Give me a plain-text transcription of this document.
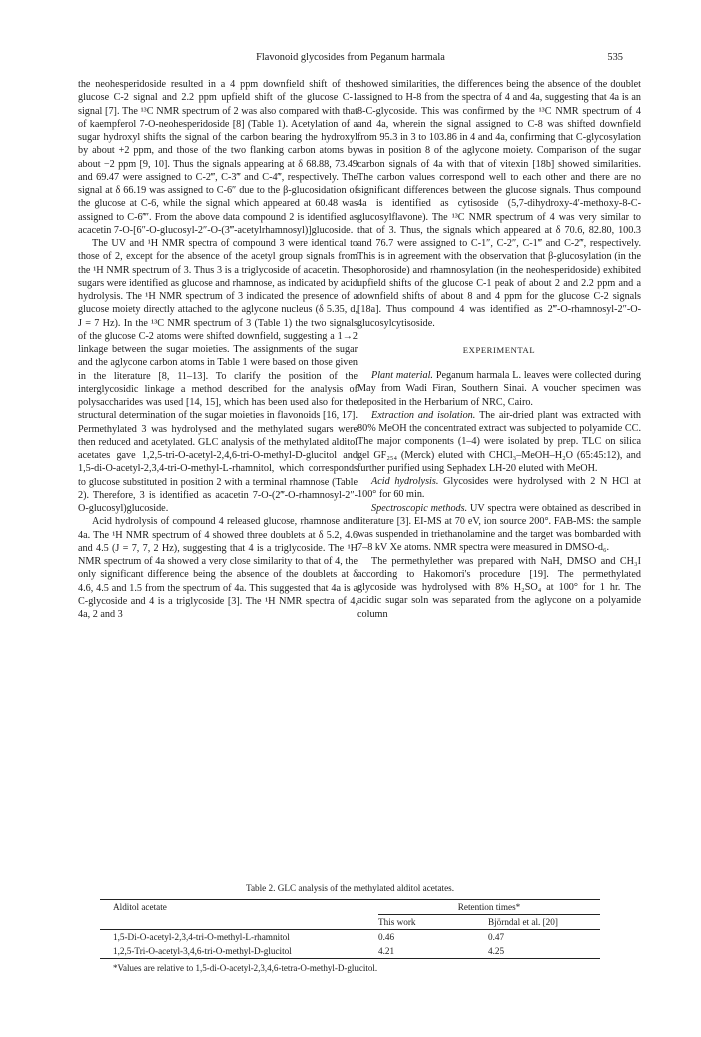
Flavonoid glycosides from Peganum harmala	535

the neohesperidoside resulted in a 4 ppm downfield shift of the glucose C-2 signal and 2.2 ppm upfield shift of the glucose C-1 signal [7]. The ¹³C NMR spectrum of 2 was also compared with that of kaempferol 7-O-neohesperidoside [8] (Table 1). Acetylation of a sugar hydroxyl shifts the signal of the carbon bearing the hydroxyl by about +2 ppm, and those of the two flanking carbon atoms by about −2 ppm [9, 10]. Thus the signals appearing at δ 68.88, 73.49 and 69.47 were assigned to C-2‴, C-3‴ and C-4‴, respectively. The signal at δ 66.19 was assigned to C-6″ due to the β-glucosidation of the glucose at C-6, while the signal which appeared at 60.48 was assigned to C-6‴′. From the above data compound 2 is identified as acacetin 7-O-[6″-O-glucosyl-2″-O-(3‴-acetylrhamnosyl)]glucoside.

The UV and ¹H NMR spectra of compound 3 were identical to those of 2, except for the absence of the acetyl group signals from the ¹H NMR spectrum of 3. Thus 3 is a triglycoside of acacetin. The sugars were identified as glucose and rhamnose, as indicated by acid hydrolysis. The ¹H NMR spectrum of 3 indicated the presence of a glucose moiety directly attached to the aglycone nucleus (δ 5.35, d, J = 7 Hz). In the ¹³C NMR spectrum of 3 (Table 1) the two signals of the glucose C-2 atoms were shifted downfield, suggesting a 1→2 linkage between the sugar moieties. The assignments of the sugar and the aglycone carbon atoms in Table 1 were based on those given in the literature [8, 11–13]. To clarify the position of the interglycosidic linkage a method described for the analysis of polysaccharides was used [14, 15], which has been used also for the structural determination of the sugar moieties in flavonoids [16, 17]. Permethylated 3 was hydrolysed and the methylated sugars were then reduced and acetylated. GLC analysis of the methylated alditol acetates gave 1,2,5-tri-O-acetyl-2,4,6-tri-O-methyl-D-glucitol and 1,5-di-O-acetyl-2,3,4-tri-O-methyl-L-rhamnitol, which corresponds to glucose substituted in position 2 with a terminal rhamnose (Table 2). Therefore, 3 is identified as acacetin 7-O-(2‴-O-rhamnosyl-2″-O-glucosyl)glucoside.

Acid hydrolysis of compound 4 released glucose, rhamnose and 4a. The ¹H NMR spectrum of 4 showed three doublets at δ 5.2, 4.6 and 4.5 (J = 7, 7, 2 Hz), suggesting that 4 is a triglycoside. The ¹H NMR spectrum of 4a showed a very close similarity to that of 4, the only significant difference being the absence of the doublets at δ 4.6, 4.5 and 1.5 from the spectrum of 4a. This suggested that 4a is a C-glycoside and 4 is a triglycoside [3]. The ¹H NMR spectra of 4, 4a, 2 and 3

showed similarities, the differences being the absence of the doublet assigned to H-8 from the spectra of 4 and 4a, suggesting that 4a is an 8-C-glycoside. This was confirmed by the ¹³C NMR spectrum of 4 and 4a, wherein the signal assigned to C-8 was shifted downfield from 95.3 in 3 to 103.86 in 4 and 4a, confirming that C-glycosylation was in position 8 of the aglycone moiety. Comparison of the sugar carbon signals of 4a with that of vitexin [18b] showed similarities. The carbon values correspond well to each other and there are no significant differences between the glucose signals. Thus compound 4a is identified as cytisoside (5,7-dihydroxy-4′-methoxy-8-C-glucosylflavone). The ¹³C NMR spectrum of 4 was very similar to that of 3. Thus, the signals which appeared at δ 70.6, 82.80, 100.3 and 76.7 were assigned to C-1″, C-2″, C-1‴ and C-2‴, respectively. This is in agreement with the observation that β-glucosylation (in the sophoroside) and rhamnosylation (in the neohesperidoside) exhibited upfield shifts of the glucose C-1 peak of about 2 and 2.2 ppm and a downfield shifts of about 8 and 4 ppm for the glucose C-2 signals [18a]. Thus compound 4 was identified as 2‴-O-rhamnosyl-2″-O-glucosylcytisoside.

EXPERIMENTAL

Plant material. Peganum harmala L. leaves were collected during May from Wadi Firan, Southern Sinai. A voucher specimen was deposited in the Herbarium of NRC, Cairo.

Extraction and isolation. The air-dried plant was extracted with 80% MeOH the concentrated extract was subjected to polyamide CC. The major components (1–4) were isolated by prep. TLC on silica gel GF₂₅₄ (Merck) eluted with CHCl₃–MeOH–H₂O (65:45:12), and further purified using Sephadex LH-20 eluted with MeOH.

Acid hydrolysis. Glycosides were hydrolysed with 2 N HCl at 100° for 60 min.

Spectroscopic methods. UV spectra were obtained as described in literature [3]. EI-MS at 70 eV, ion source 200°. FAB-MS: the sample was suspended in triethanolamine and the target was bombarded with 7–8 kV Xe atoms. NMR spectra were measured in DMSO-d₆.

The permethylether was prepared with NaH, DMSO and CH₃I according to Hakomori's procedure [19]. The permethylated glycoside was hydrolysed with 8% H₂SO₄ at 100° for 1 hr. The acidic sugar soln was separated from the aglycone on a polyamide column

Table 2. GLC analysis of the methylated alditol acetates.
Alditol acetate	Retention times*	
	This work	Björndal et al. [20]
1,5-Di-O-acetyl-2,3,4-tri-O-methyl-L-rhamnitol	0.46	0.47
1,2,5-Tri-O-acetyl-3,4,6-tri-O-methyl-D-glucitol	4.21	4.25
*Values are relative to 1,5-di-O-acetyl-2,3,4,6-tetra-O-methyl-D-glucitol.
